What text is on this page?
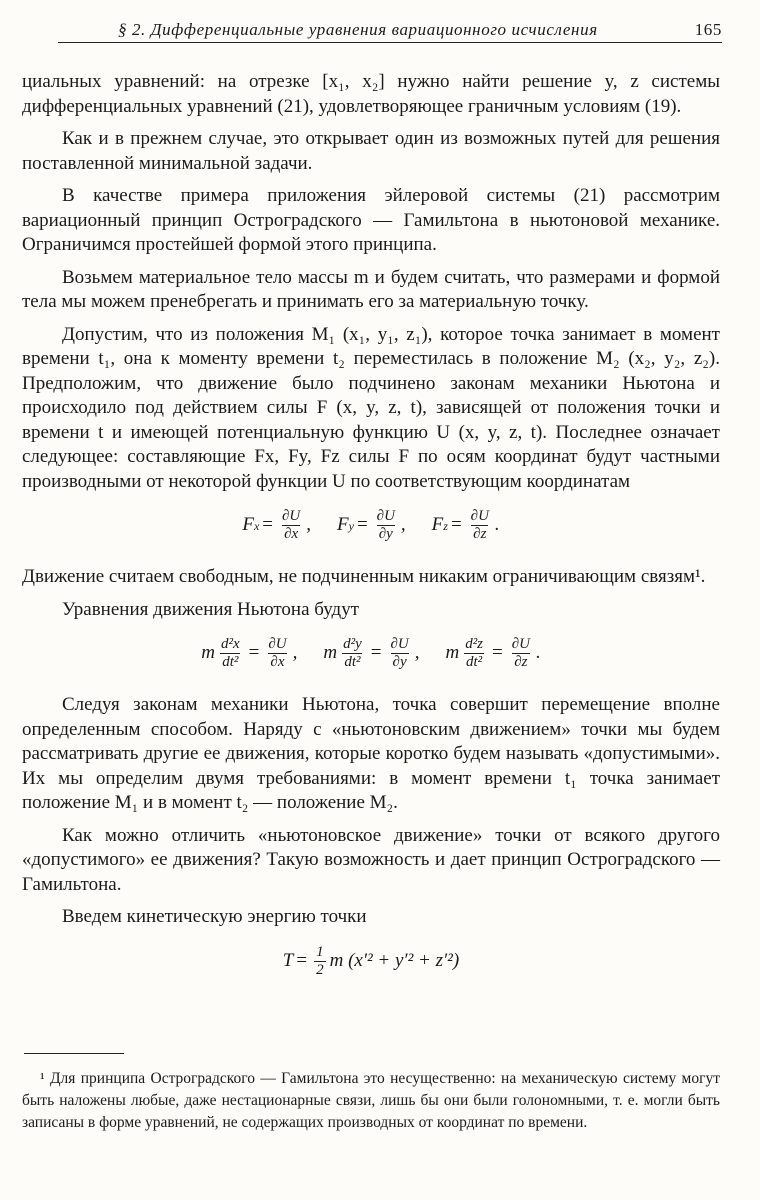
§ 2. Дифференциальные уравнения вариационного исчисления	165

циальных уравнений: на отрезке [x₁, x₂] нужно найти решение y, z системы дифференциальных уравнений (21), удовлетворяющее граничным условиям (19).

Как и в прежнем случае, это открывает один из возможных путей для решения поставленной минимальной задачи.

В качестве примера приложения эйлеровой системы (21) рассмотрим вариационный принцип Остроградского — Гамильтона в ньютоновой механике. Ограничимся простейшей формой этого принципа.

Возьмем материальное тело массы m и будем считать, что размерами и формой тела мы можем пренебрегать и принимать его за материальную точку.

Допустим, что из положения M₁ (x₁, y₁, z₁), которое точка занимает в момент времени t₁, она к моменту времени t₂ переместилась в положение M₂ (x₂, y₂, z₂). Предположим, что движение было подчинено законам механики Ньютона и происходило под действием силы F (x, y, z, t), зависящей от положения точки и времени t и имеющей потенциальную функцию U (x, y, z, t). Последнее означает следующее: составляющие Fx, Fy, Fz силы F по осям координат будут частными производными от некоторой функции U по соответствующим координатам

F $x = \frac{\partial U}{\partial x}$ , F $y = \frac{\partial U}{\partial y}$ , F $z = \frac{\partial U}{\partial z}$ .

Движение считаем свободным, не подчиненным никаким ограничивающим связям¹.

Уравнения движения Ньютона будут

m $\frac{\text{d²x}}{\text{dt²}} = \frac{\partial U}{\partial x}$ , m $\frac{\text{d²y}}{\text{dt²}} = \frac{\partial U}{\partial y}$ , m $\frac{\text{d²z}}{\text{dt²}} = \frac{\partial U}{\partial z}$ .

Следуя законам механики Ньютона, точка совершит перемещение вполне определенным способом. Наряду с «ньютоновским движением» точки мы будем рассматривать другие ее движения, которые коротко будем называть «допустимыми». Их мы определим двумя требованиями: в момент времени t₁ точка занимает положение M₁ и в момент t₂ — положение M₂.

Как можно отличить «ньютоновское движение» точки от всякого другого «допустимого» ее движения? Такую возможность и дает принцип Остроградского — Гамильтона.

Введем кинетическую энергию точки

$T = \frac{1}{2}$ m (x′² + y′² + z′²)
¹ Для принципа Остроградского — Гамильтона это несущественно: на механическую систему могут быть наложены любые, даже нестационарные связи, лишь бы они были голономными, т. е. могли быть записаны в форме уравнений, не содержащих производных от координат по времени.
